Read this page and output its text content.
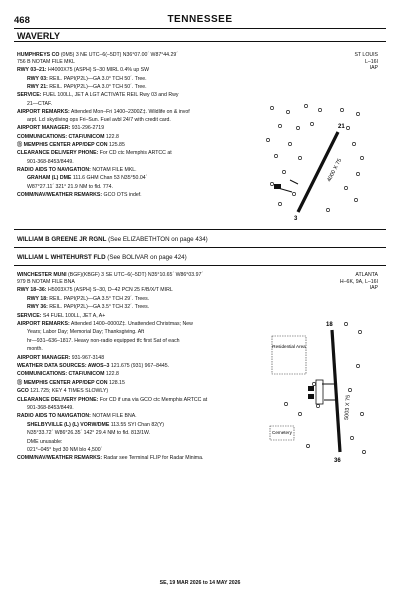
468	TENNESSEE
WAVERLY
HUMPHREYS CO (0M5) 3 NE UTC–6(–5DT) N36°07.00´ W87°44.29´	ST LOUIS
L–16I
IAP
756 B NOTAM FILE MKL
RWY 03–21: H4000X75 (ASPH) S–30 MIRL 0.4% up SW
RWY 03: REIL. PAPI(P2L)—GA 3.0° TCH 50´. Tree.
RWY 21: REIL. PAPI(P2L)—GA 3.0° TCH 50´. Tree.
SERVICE: FUEL 100LL, JET A LGT ACTIVATE REIL Rwy 03 and Rwy
21—CTAF.
AIRPORT REMARKS: Attended Mon–Fri 1400–2300Z‡. Wildlife on & invof
arpt. Lcl skydiving ops Fri–Sun. Fuel avbl 24/7 with credit card.
AIRPORT MANAGER: 931-296-2719
COMMUNICATIONS: CTAF/UNICOM 122.8
Ⓡ MEMPHIS CENTER APP/DEP CON 125.85
CLEARANCE DELIVERY PHONE: For CD ctc Memphis ARTCC at
901-368-8453/8449.
RADIO AIDS TO NAVIGATION: NOTAM FILE MKL.
GRAHAM (L) DME 111.6 GHM Chan 53 N35°50.04´
W87°27.11´ 321° 21.9 NM to fld. 774.
COMM/NAV/WEATHER REMARKS: GCO OTS indef.
4000 X 75
3
21
WILLIAM B GREENE JR RGNL (See ELIZABETHTON on page 434)
WILLIAM L WHITEHURST FLD (See BOLIVAR on page 424)
WINCHESTER MUNI (BGF)(KBGF) 3 SE UTC–6(–5DT) N35°10.65´ W86°03.97´	ATLANTA
H–6K, 9A, L–16I
IAP
979 B NOTAM FILE BNA
RWY 18–36: H5003X75 (ASPH) S–30, D–42 PCN 25 F/B/X/T MIRL
RWY 18: REIL. PAPI(P2L)—GA 3.5° TCH 29´. Trees.
RWY 36: REIL. PAPI(P2L)—GA 3.5° TCH 32´. Trees.
SERVICE: S4 FUEL 100LL, JET A, A+
AIRPORT REMARKS: Attended 1400–0000Z‡. Unattended Christmas; New
Years; Labor Day; Memorial Day; Thanksgiving. Aft
hr—931–636–1817. Heavy non-radio equipped tfc first Sat of each
month.
AIRPORT MANAGER: 931-967-3148
WEATHER DATA SOURCES: AWOS–3 121.675 (931) 967–8445.
COMMUNICATIONS: CTAF/UNICOM 122.8
Ⓡ MEMPHIS CENTER APP/DEP CON 128.15
GCO 121.725; KEY 4 TIMES SLOWLY)
CLEARANCE DELIVERY PHONE: For CD if una via GCO ctc Memphis ARTCC at
901-368-8453/8449.
RADIO AIDS TO NAVIGATION: NOTAM FILE BNA.
SHELBYVILLE (L) (L) VORW/DME 113.55 SYI Chan 82(Y)
N35°33.72´ W86°26.35´ 142° 29.4 NM to fld. 813/1W.
DME unusable:
021°–045° byd 30 NM blo 4,500´
COMM/NAV/WEATHER REMARKS: Radar see Terminal FLIP for Radar Minima.
Residential Area
Cemetery
5003 X 75
18
36
SE, 19 MAR 2026 to 14 MAY 2026
